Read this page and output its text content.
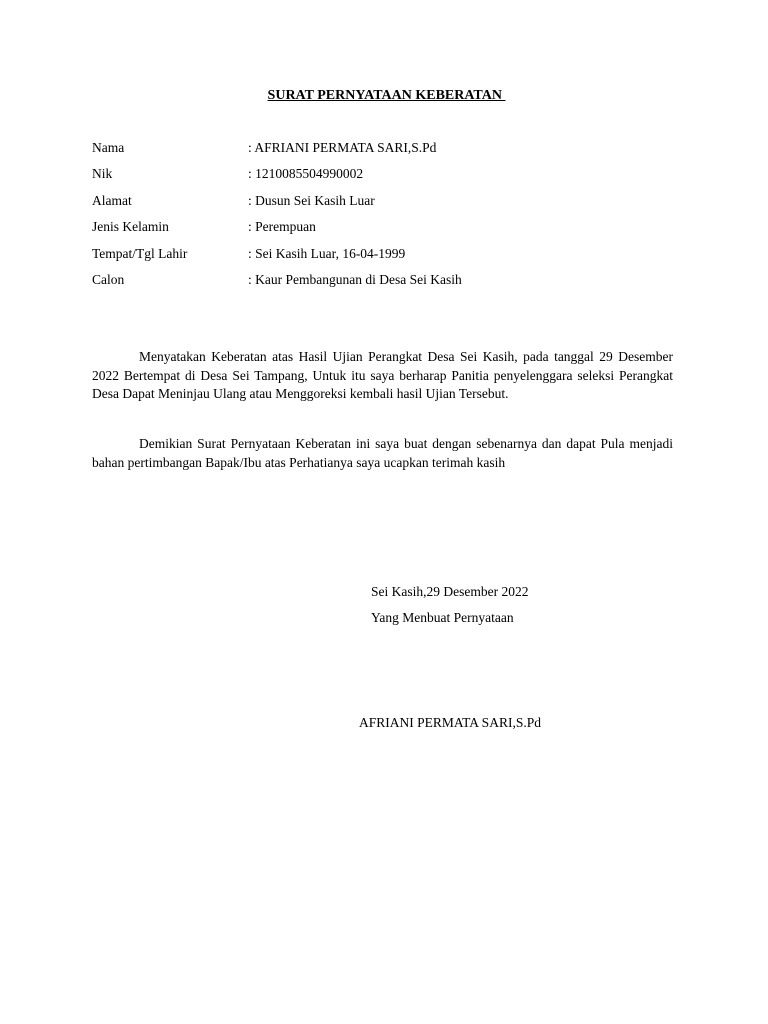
SURAT PERNYATAAN KEBERATAN
Nama	: AFRIANI PERMATA SARI,S.Pd
Nik	: 1210085504990002
Alamat	: Dusun Sei Kasih Luar
Jenis Kelamin	: Perempuan
Tempat/Tgl Lahir	: Sei Kasih Luar, 16-04-1999
Calon	: Kaur Pembangunan di Desa Sei Kasih

Menyatakan Keberatan atas Hasil Ujian Perangkat Desa Sei Kasih, pada tanggal 29 Desember 2022 Bertempat di Desa Sei Tampang, Untuk itu saya berharap Panitia penyelenggara seleksi Perangkat Desa Dapat Meninjau Ulang atau Menggoreksi kembali hasil Ujian Tersebut.

Demikian Surat Pernyataan Keberatan ini saya buat dengan sebenarnya dan dapat Pula menjadi bahan pertimbangan Bapak/Ibu atas Perhatianya saya ucapkan terimah kasih

Sei Kasih,29 Desember 2022
Yang Menbuat Pernyataan
AFRIANI PERMATA SARI,S.Pd
